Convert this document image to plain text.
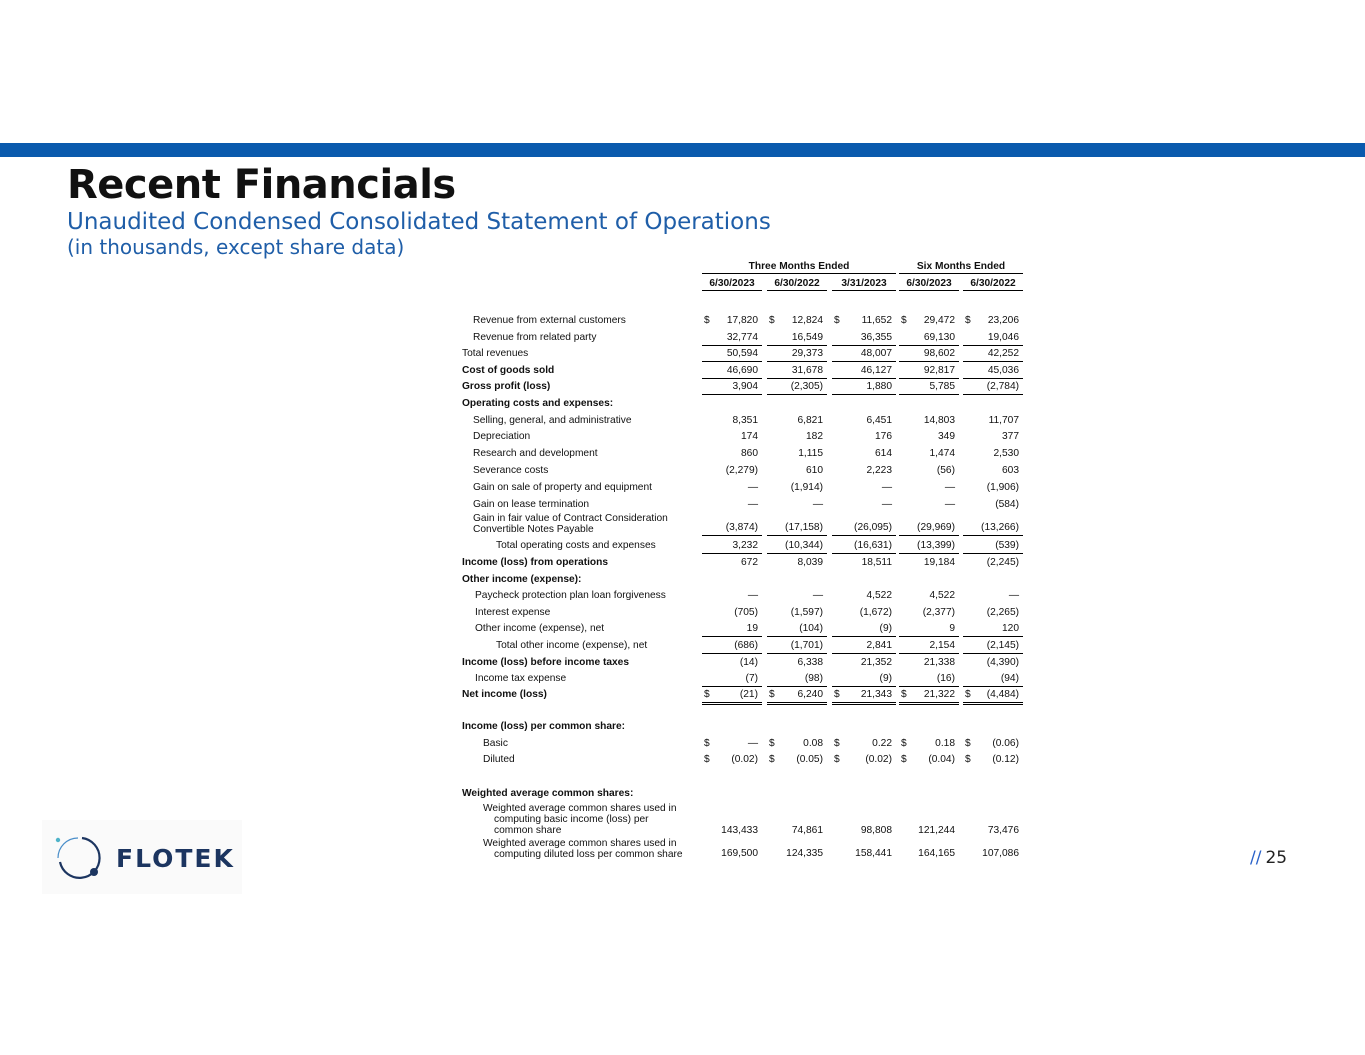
Recent Financials
Unaudited Condensed Consolidated Statement of Operations
(in thousands, except share data)
Three Months Ended	Six Months Ended
6/30/2023	6/30/2022	3/31/2023	6/30/2023	6/30/2022
Revenue from external customers	$ 17,820 $ 12,824 $ 11,652 $ 29,472 $ 23,206
Revenue from related party	32,774	16,549	36,355	69,130	19,046
Total revenues	50,594	29,373	48,007	98,602	42,252
Cost of goods sold	46,690	31,678	46,127	92,817	45,036
Gross profit (loss)	3,904	(2,305)	1,880	5,785	(2,784)
Operating costs and expenses:
Selling, general, and administrative	8,351	6,821	6,451	14,803	11,707
Depreciation	174	182	176	349	377
Research and development	860	1,115	614	1,474	2,530
Severance costs	(2,279)	610	2,223	(56)	603
Gain on sale of property and equipment	—	(1,914)	—	—	(1,906)
Gain on lease termination	—	—	—	—	(584)
Gain in fair value of Contract Consideration
Convertible Notes Payable	(3,874)	(17,158)	(26,095) (29,969)	(13,266)
Total operating costs and expenses	3,232	(10,344)	(16,631) (13,399)	(539)
Income (loss) from operations	672	8,039	18,511	19,184	(2,245)
Other income (expense):
Paycheck protection plan loan forgiveness	—	—	4,522	4,522	—
Interest expense	(705)	(1,597)	(1,672)	(2,377)	(2,265)
Other income (expense), net	19	(104)	(9)	9	120
Total other income (expense), net	(686)	(1,701)	2,841	2,154	(2,145)
Income (loss) before income taxes	(14)	6,338	21,352	21,338	(4,390)
Income tax expense	(7)	(98)	(9)	(16)	(94)
Net income (loss)	$	(21) $ 6,240 $ 21,343 $ 21,322 $ (4,484)
Income (loss) per common share:
Basic	$	— $	0.08 $	0.22 $	0.18 $ (0.06)
Diluted	$ (0.02) $ (0.05) $	(0.02) $ (0.04) $ (0.12)
Weighted average common shares:
Weighted average common shares used in
computing basic income (loss) per
common share	143,433	74,861	98,808	121,244	73,476
Weighted average common shares used in
computing diluted loss per common share	169,500	124,335	158,441	164,165	107,086
FLOTEK	// 25
